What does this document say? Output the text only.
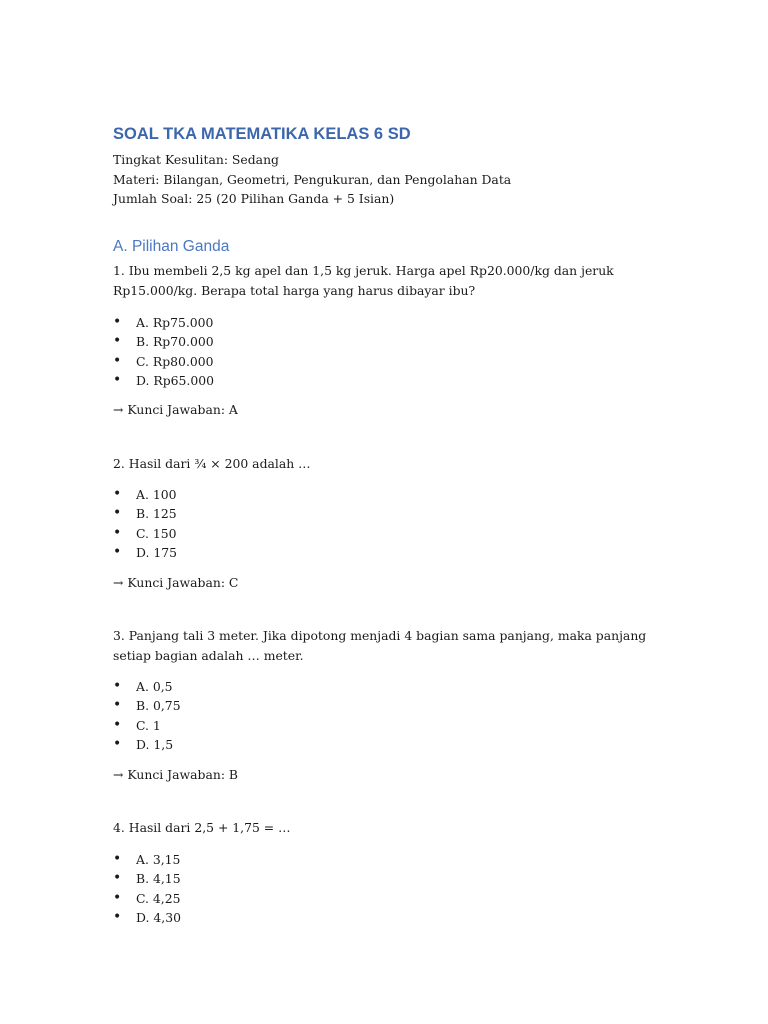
SOAL TKA MATEMATIKA KELAS 6 SD
Tingkat Kesulitan: Sedang
Materi: Bilangan, Geometri, Pengukuran, dan Pengolahan Data
Jumlah Soal: 25 (20 Pilihan Ganda + 5 Isian)
A. Pilihan Ganda

1. Ibu membeli 2,5 kg apel dan 1,5 kg jeruk. Harga apel Rp20.000/kg dan jeruk Rp15.000/kg. Berapa total harga yang harus dibayar ibu?

• A. Rp75.000
• B. Rp70.000
• C. Rp80.000
• D. Rp65.000
→ Kunci Jawaban: A

2. Hasil dari ¾ × 200 adalah …

• A. 100
• B. 125
• C. 150
• D. 175
→ Kunci Jawaban: C

3. Panjang tali 3 meter. Jika dipotong menjadi 4 bagian sama panjang, maka panjang setiap bagian adalah … meter.

• A. 0,5
• B. 0,75
• C. 1
• D. 1,5
→ Kunci Jawaban: B

4. Hasil dari 2,5 + 1,75 = …

• A. 3,15
• B. 4,15
• C. 4,25
• D. 4,30
